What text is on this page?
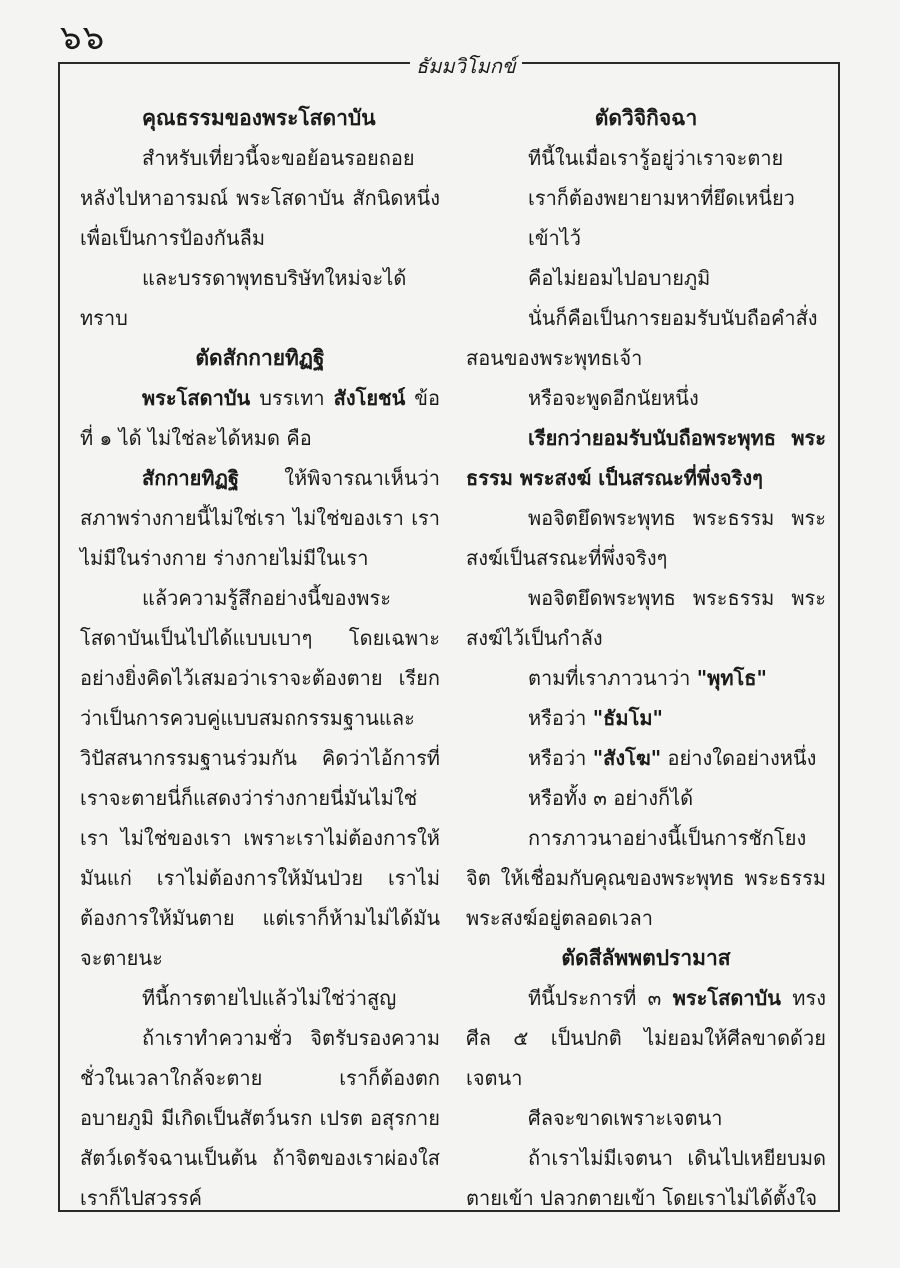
๖๖
ธัมมวิโมกข์

คุณธรรมของพระโสดาบัน

สำหรับเที่ยวนี้จะขอย้อนรอยถอยหลังไปหาอารมณ์ พระโสดาบัน สักนิดหนึ่ง เพื่อเป็นการป้องกันลืม

และบรรดาพุทธบริษัทใหม่จะได้ทราบ

ตัดสักกายทิฏฐิ

พระโสดาบัน บรรเทา สังโยชน์ ข้อที่ ๑ ได้ ไม่ใช่ละได้หมด คือ

สักกายทิฏฐิ ให้พิจารณาเห็นว่าสภาพร่างกายนี้ไม่ใช่เรา ไม่ใช่ของเรา เราไม่มีในร่างกาย ร่างกายไม่มีในเรา

แล้วความรู้สึกอย่างนี้ของพระโสดาบันเป็นไปได้แบบเบาๆ โดยเฉพาะ อย่างยิ่งคิดไว้เสมอว่าเราจะต้องตาย เรียกว่าเป็นการควบคู่แบบสมถกรรมฐานและวิปัสสนากรรมฐานร่วมกัน คิดว่าไอ้การที่เราจะตายนี่ก็แสดงว่าร่างกายนี่มันไม่ใช่เรา ไม่ใช่ของเรา เพราะเราไม่ต้องการให้มันแก่ เราไม่ต้องการให้มันป่วย เราไม่ต้องการให้มันตาย แต่เราก็ห้ามไม่ได้มันจะตายนะ

ทีนี้การตายไปแล้วไม่ใช่ว่าสูญ

ถ้าเราทำความชั่ว จิตรับรองความชั่วในเวลาใกล้จะตาย เราก็ต้องตกอบายภูมิ มีเกิดเป็นสัตว์นรก เปรต อสุรกาย สัตว์เดรัจฉานเป็นต้น ถ้าจิตของเราผ่องใสเราก็ไปสวรรค์

ตัดวิจิกิจฉา

ทีนี้ในเมื่อเรารู้อยู่ว่าเราจะตาย

เราก็ต้องพยายามหาที่ยึดเหนี่ยวเข้าไว้

คือไม่ยอมไปอบายภูมิ

นั่นก็คือเป็นการยอมรับนับถือคำสั่งสอนของพระพุทธเจ้า

หรือจะพูดอีกนัยหนึ่ง

เรียกว่ายอมรับนับถือพระพุทธ พระธรรม พระสงฆ์ เป็นสรณะที่พึ่งจริงๆ

พอจิตยึดพระพุทธ พระธรรม พระสงฆ์เป็นสรณะที่พึ่งจริงๆ

พอจิตยึดพระพุทธ พระธรรม พระสงฆ์ไว้เป็นกำลัง

ตามที่เราภาวนาว่า "พุทโธ"

หรือว่า "ธัมโม"

หรือว่า "สังโฆ" อย่างใดอย่างหนึ่ง

หรือทั้ง ๓ อย่างก็ได้

การภาวนาอย่างนี้เป็นการชักโยงจิต ให้เชื่อมกับคุณของพระพุทธ พระธรรม พระสงฆ์อยู่ตลอดเวลา

ตัดสีลัพพตปรามาส

ทีนี้ประการที่ ๓ พระโสดาบัน ทรงศีล ๕ เป็นปกติ ไม่ยอมให้ศีลขาดด้วยเจตนา

ศีลจะขาดเพราะเจตนา

ถ้าเราไม่มีเจตนา เดินไปเหยียบมดตายเข้า ปลวกตายเข้า โดยเราไม่ได้ตั้งใจ
